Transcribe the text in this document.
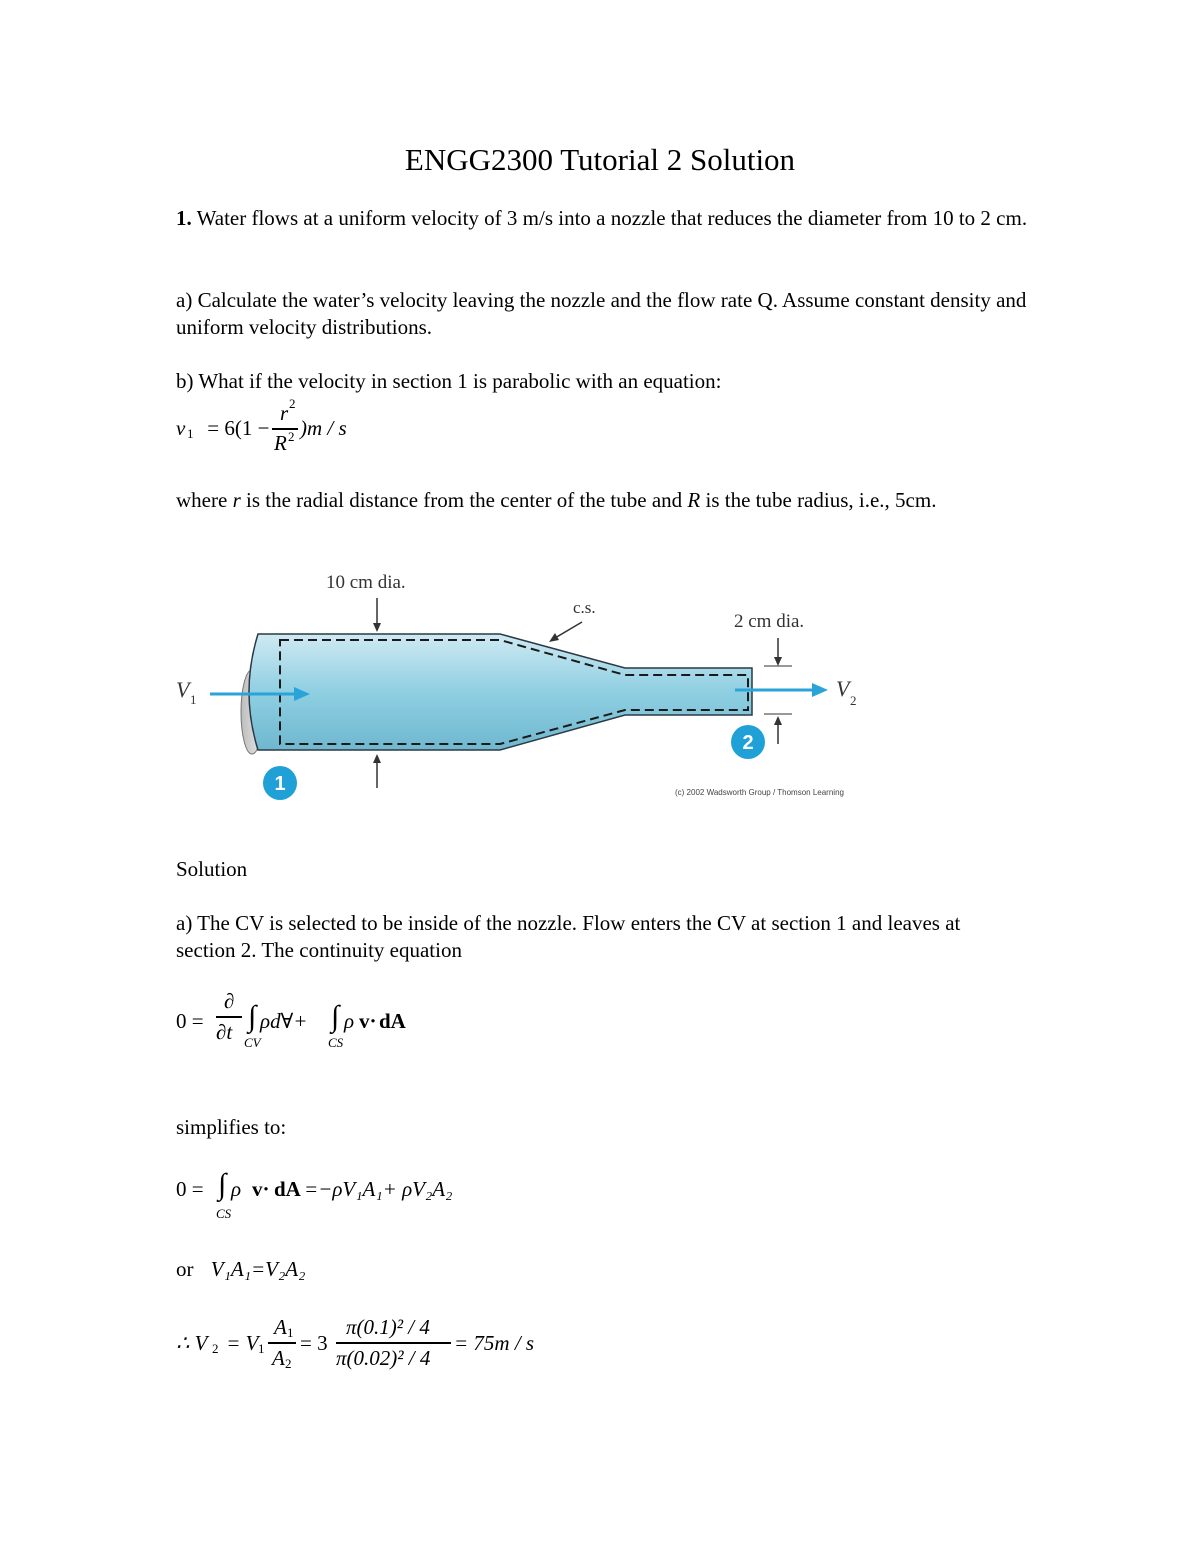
ENGG2300 Tutorial 2 Solution
1. Water flows at a uniform velocity of 3 m/s into a nozzle that reduces the diameter from 10 to 2 cm.
a) Calculate the water’s velocity leaving the nozzle and the flow rate Q. Assume constant density and uniform velocity distributions.
b) What if the velocity in section 1 is parabolic with an equation:
v 1 = 6(1 −
r 2
R 2 )m / s
where r is the radial distance from the center of the tube and R is the tube radius, i.e., 5cm.
V 1	V 2
10 cm dia.
c.s.
2 cm dia.
1
2
(c) 2002 Wadsworth Group / Thomson Learning
Solution
a) The CV is selected to be inside of the nozzle. Flow enters the CV at section 1 and leaves at section 2. The continuity equation
0 =
∂
∂t ∫ ρd∀+
CV
∫ ρ v· dA
CS
simplifies to:
0 = ∫ ρ v· dA =−ρV₁A₁+ ρV₂A₂
CS
or V₁A₁=V₂A₂
∴ V 2 = V 1
A 1
A 2
= 3
π(0.1)² / 4
π(0.02)² / 4
= 75m / s
